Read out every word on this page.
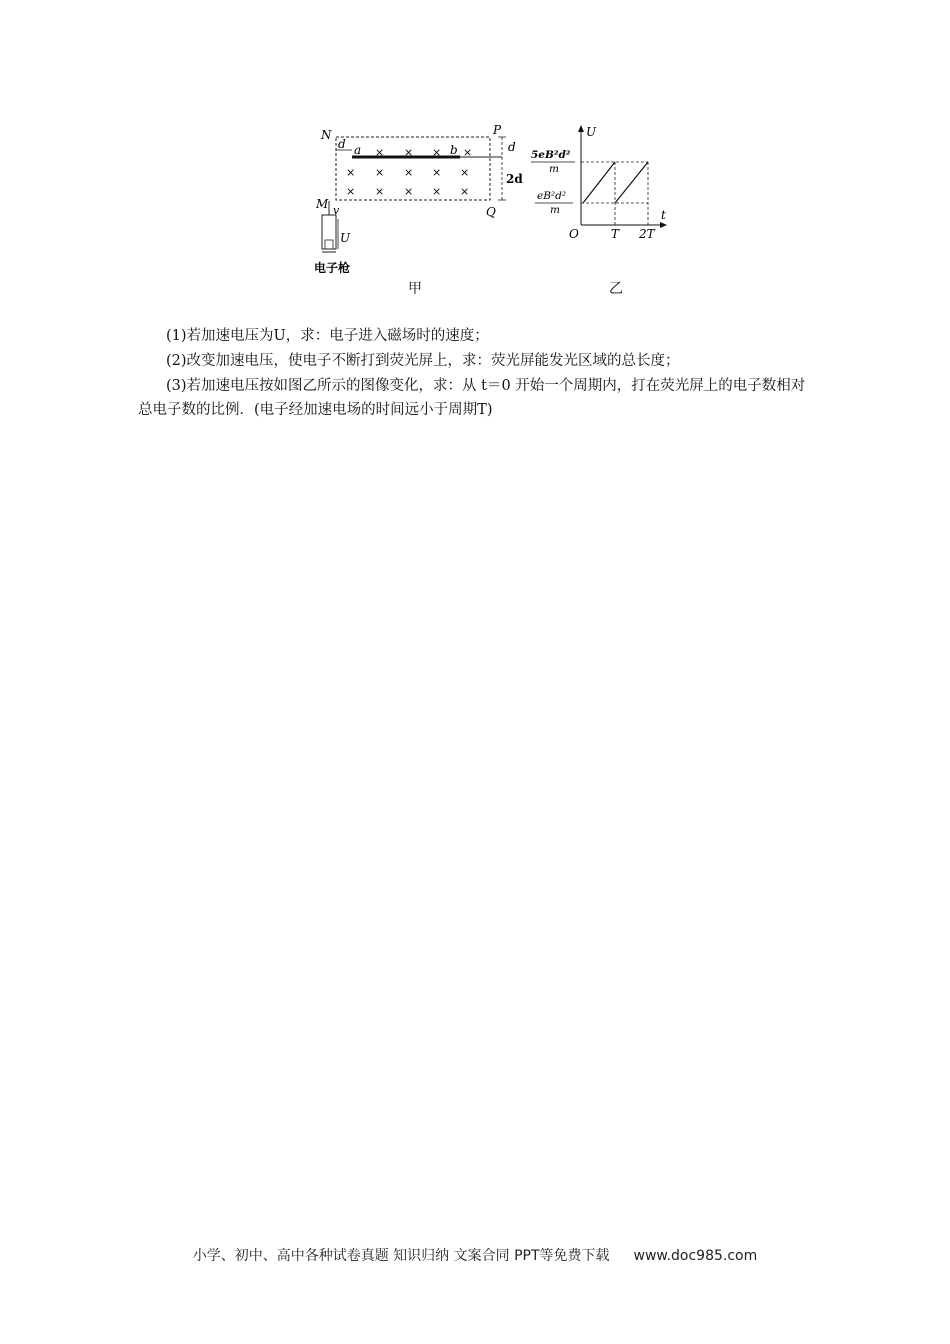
N	P
M
Q
a	b
d	d
2d
× × × ×
× × × × ×
× × × × ×
v
U
电子枪
U
t
O	T 2T
5eB²d²
m
eB²d²
m
甲	乙
(1)若加速电压为U，求：电子进入磁场时的速度；
(2)改变加速电压，使电子不断打到荧光屏上，求：荧光屏能发光区域的总长度；
(3)若加速电压按如图乙所示的图像变化，求：从 t＝0 开始一个周期内，打在荧光屏上的电子数相对总电子数的比例．(电子经加速电场的时间远小于周期T)
小学、初中、高中各种试卷真题 知识归纳 文案合同 PPT等免费下载 www.doc985.com
